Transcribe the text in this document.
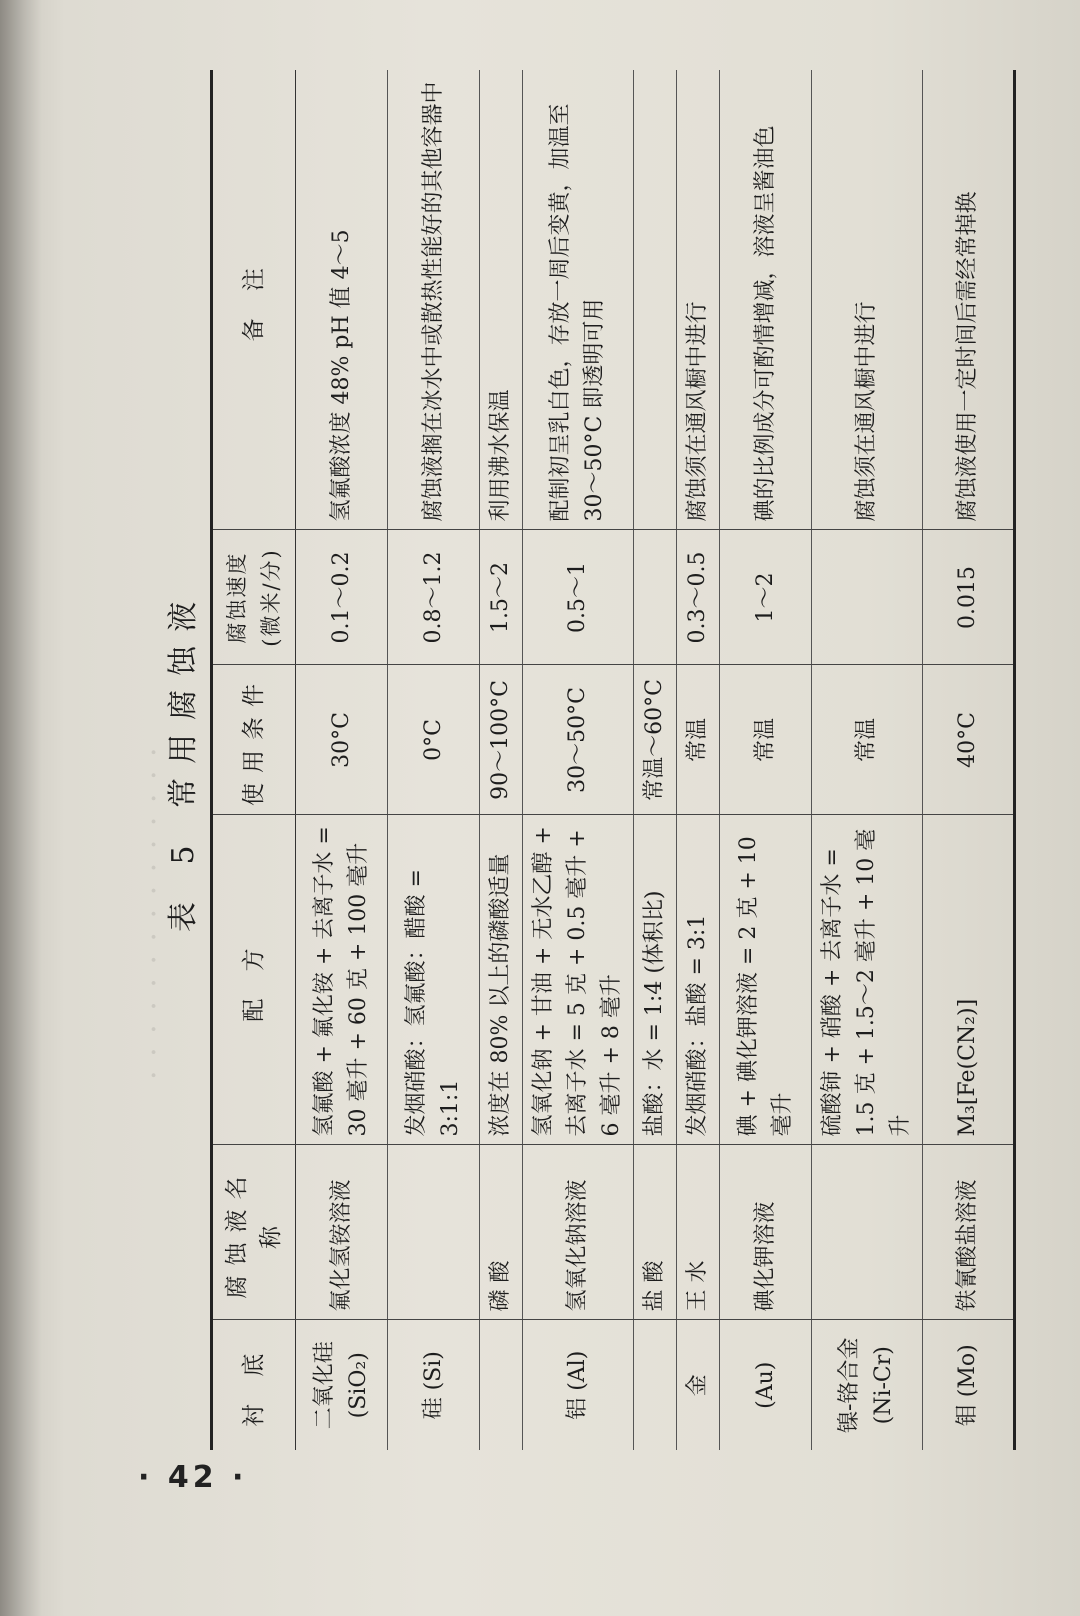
. . . . . . . . . . . . . . .
· 42 ·
表 5 常用腐蚀液
衬 底	腐蚀液名称	配 方	使用条件	腐蚀速度 (微米/分)	备 注
二氧化硅 (SiO₂)	氟化氢铵溶液	氢氟酸 + 氟化铵 + 去离子水 = 30 毫升 + 60 克 + 100 毫升	30°C	0.1～0.2	氢氟酸浓度 48% pH 值 4～5
硅 (Si)		发烟硝酸：氢氟酸：醋酸 = 3:1:1	0°C	0.8～1.2	腐蚀液搁在冰水中或散热性能好的其他容器中
	磷 酸	浓度在 80% 以上的磷酸适量	90～100°C	1.5～2	利用沸水保温
铝 (Al)	氢氧化钠溶液	氢氧化钠 + 甘油 + 无水乙醇 + 去离子水 = 5 克 + 0.5 毫升 + 6 毫升 + 8 毫升	30～50°C	0.5～1	配制初呈乳白色，存放一周后变黄，加温至 30～50°C 即透明可用
	盐 酸	盐酸：水 = 1:4 (体积比)	常温～60°C		
金	王 水	发烟硝酸：盐酸 = 3:1	常温	0.3～0.5	腐蚀须在通风橱中进行
(Au)	碘化钾溶液	碘 + 碘化钾溶液 = 2 克 + 10 毫升	常温	1～2	碘的比例成分可酌情增减，溶液呈酱油色
镍-铬合金 (Ni-Cr)		硫酸铈 + 硝酸 + 去离子水 = 1.5 克 + 1.5～2 毫升 + 10 毫升	常温		腐蚀须在通风橱中进行
钼 (Mo)	铁氰酸盐溶液	M₃[Fe(CN₂)]	40°C	0.015	腐蚀液使用一定时间后需经常掉换
